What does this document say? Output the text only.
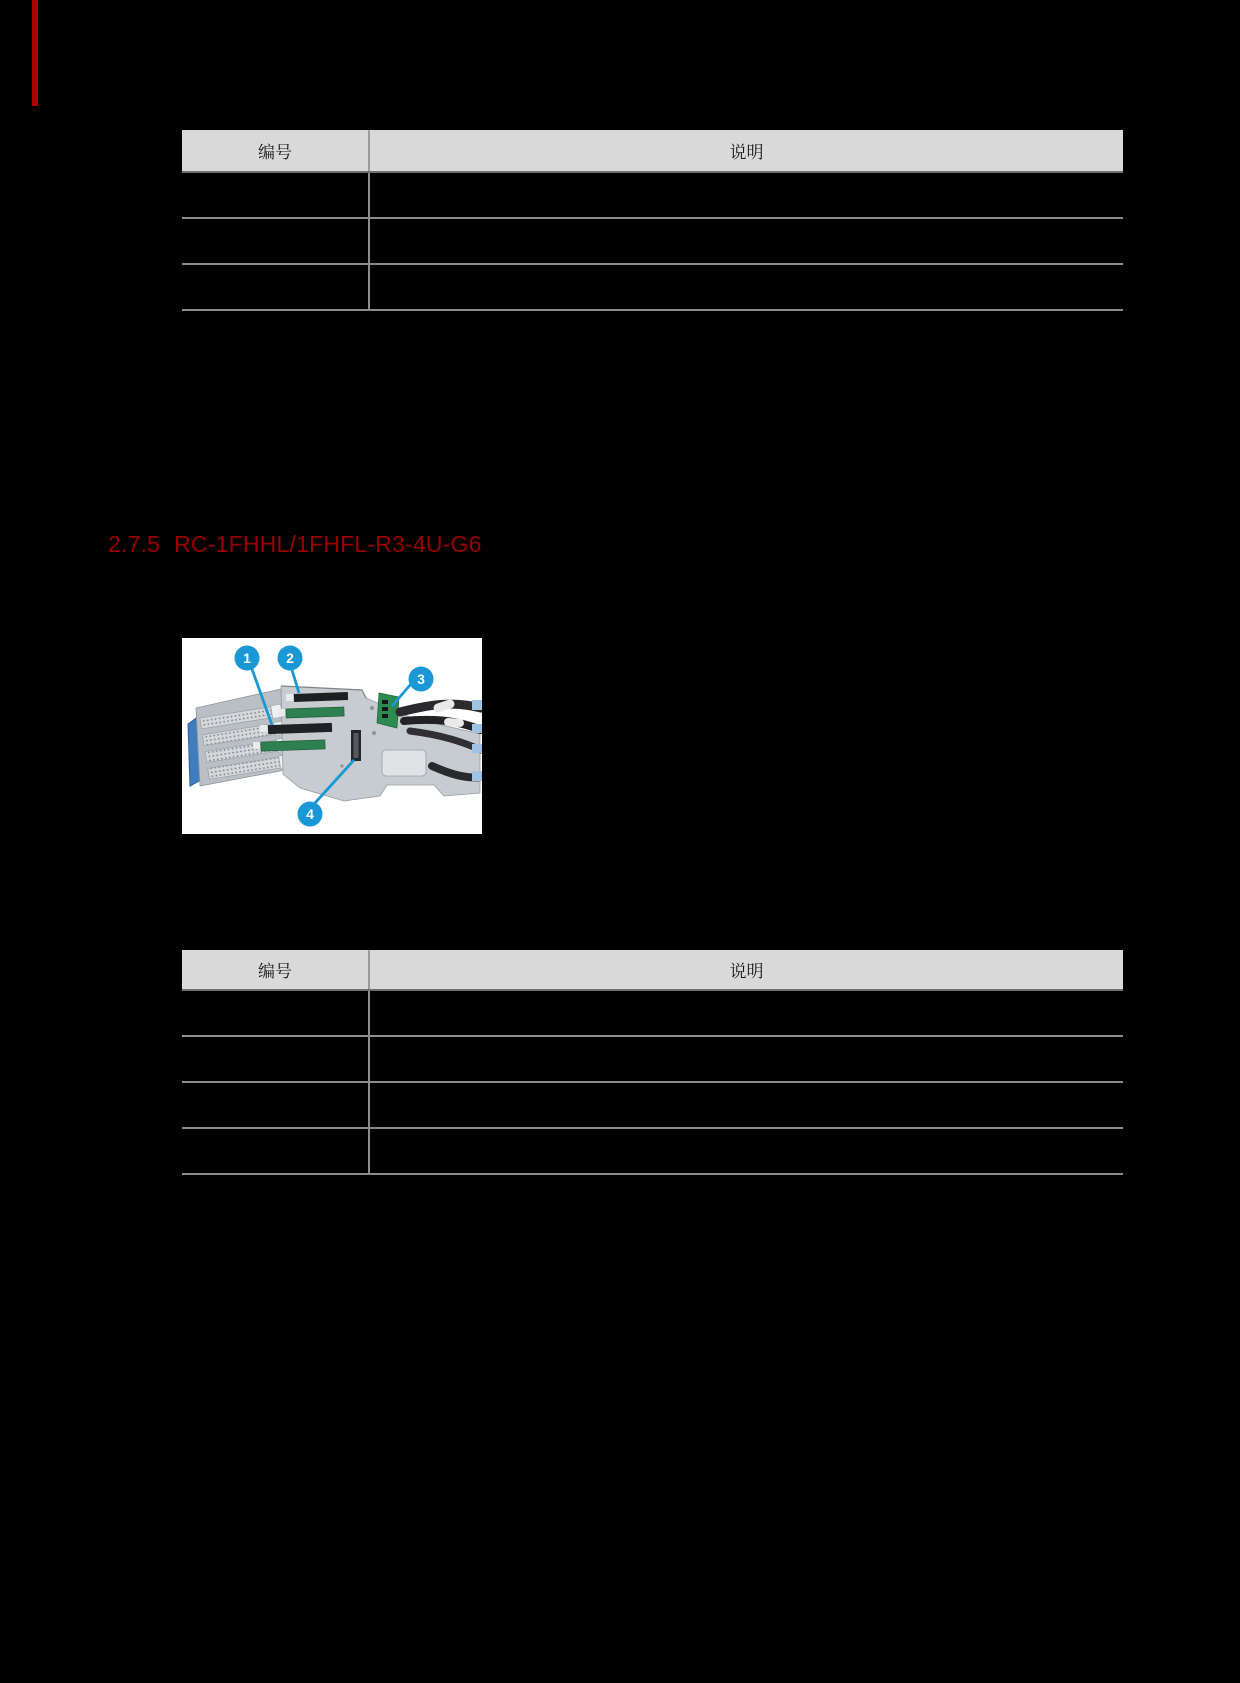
编号	说明

2.7.5 RC-1FHHL/1FHFL-R3-4U-G6
1	2
3
4
编号	说明
